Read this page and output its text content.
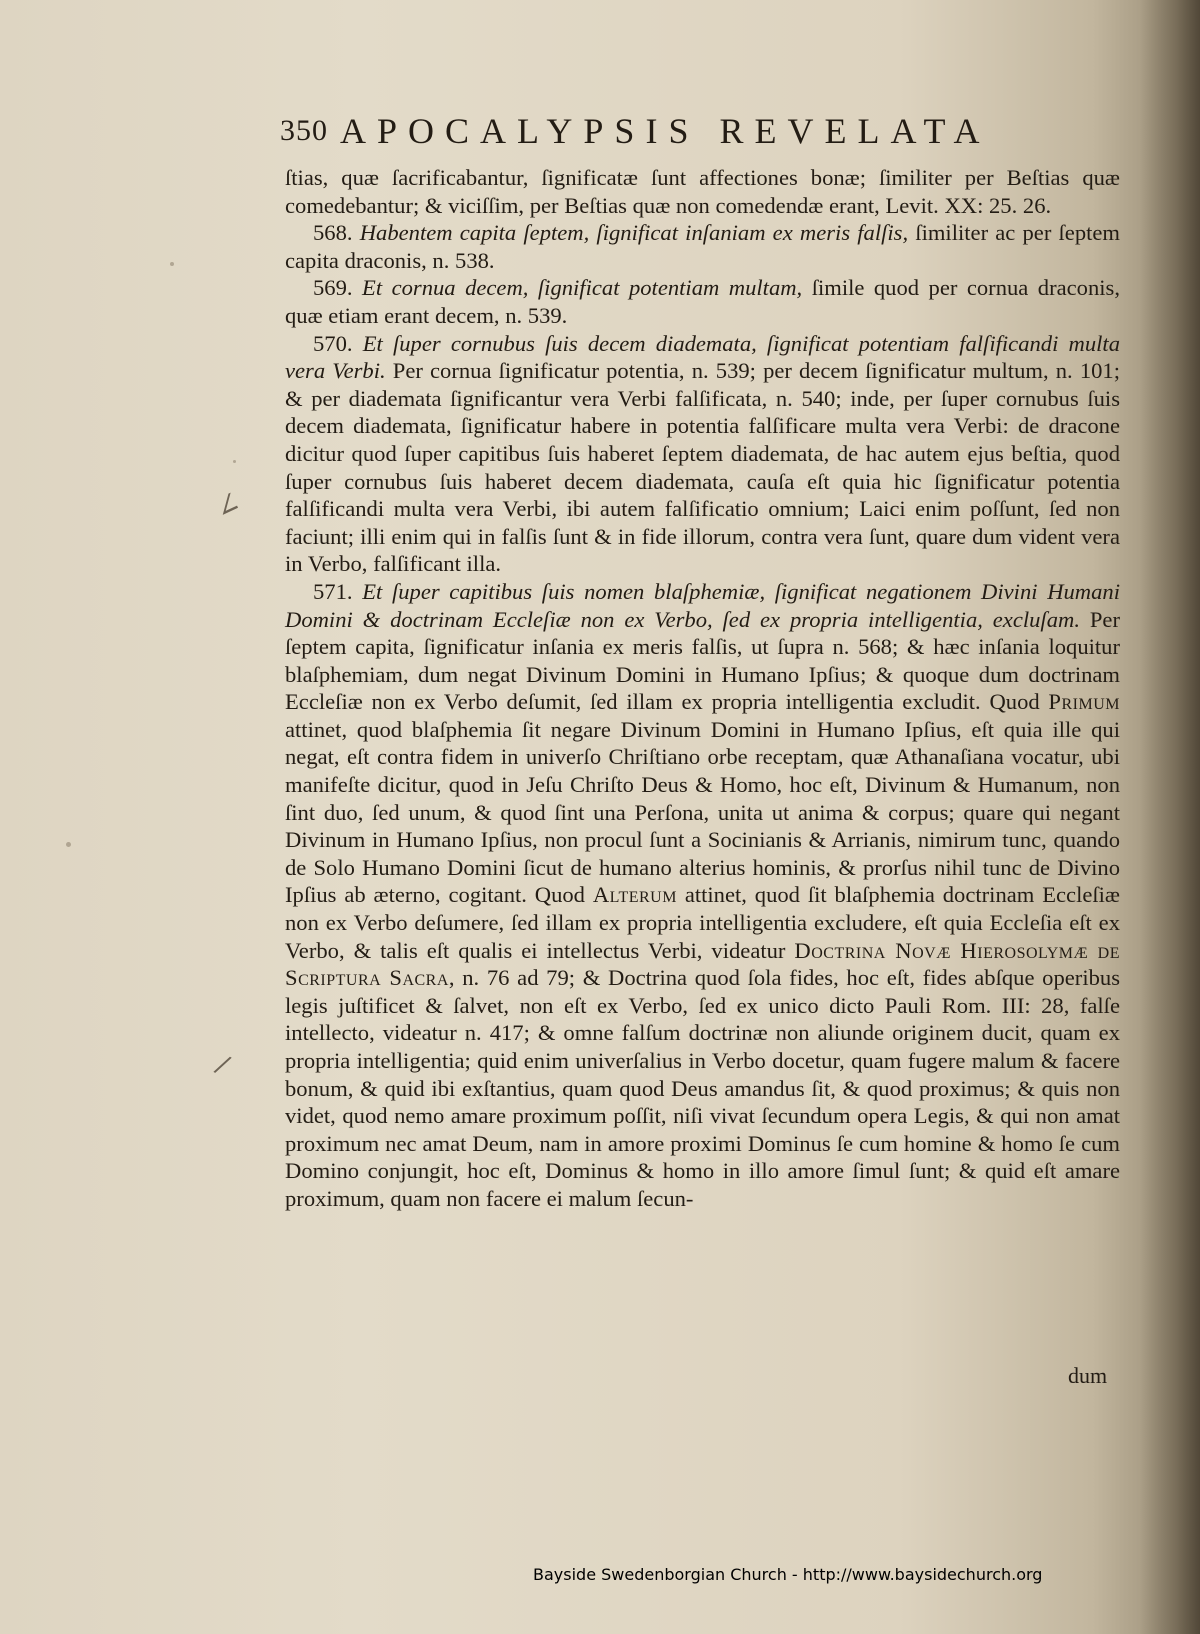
∠
/
350 APOCALYPSIS REVELATA

ſtias, quæ ſacrificabantur, ſignificatæ ſunt affectiones bonæ; ſimiliter per Beſtias quæ comedebantur; & viciſſim, per Beſtias quæ non comedendæ erant, Levit. XX: 25. 26.

568. Habentem capita ſeptem, ſignificat inſaniam ex meris falſis, ſimiliter ac per ſeptem capita draconis, n. 538.

569. Et cornua decem, ſignificat potentiam multam, ſimile quod per cornua draconis, quæ etiam erant decem, n. 539.

570. Et ſuper cornubus ſuis decem diademata, ſignificat potentiam falſificandi multa vera Verbi. Per cornua ſignificatur potentia, n. 539; per decem ſignificatur multum, n. 101; & per diademata ſignificantur vera Verbi falſificata, n. 540; inde, per ſuper cornubus ſuis decem diademata, ſignificatur habere in potentia falſificare multa vera Verbi: de dracone dicitur quod ſuper capitibus ſuis haberet ſeptem diademata, de hac autem ejus beſtia, quod ſuper cornubus ſuis haberet decem diademata, cauſa eſt quia hic ſignificatur potentia falſificandi multa vera Verbi, ibi autem falſificatio omnium; Laici enim poſſunt, ſed non faciunt; illi enim qui in falſis ſunt & in fide illorum, contra vera ſunt, quare dum vident vera in Verbo, falſificant illa.

571. Et ſuper capitibus ſuis nomen blaſphemiæ, ſignificat negationem Divini Humani Domini & doctrinam Eccleſiæ non ex Verbo, ſed ex propria intelligentia, excluſam. Per ſeptem capita, ſignificatur inſania ex meris falſis, ut ſupra n. 568; & hæc inſania loquitur blaſphemiam, dum negat Divinum Domini in Humano Ipſius; & quoque dum doctrinam Eccleſiæ non ex Verbo deſumit, ſed illam ex propria intelligentia excludit. Quod Primum attinet, quod blaſphemia ſit negare Divinum Domini in Humano Ipſius, eſt quia ille qui negat, eſt contra fidem in univerſo Chriſtiano orbe receptam, quæ Athanaſiana vocatur, ubi manifeſte dicitur, quod in Jeſu Chriſto Deus & Homo, hoc eſt, Divinum & Humanum, non ſint duo, ſed unum, & quod ſint una Perſona, unita ut anima & corpus; quare qui negant Divinum in Humano Ipſius, non procul ſunt a Socinianis & Arrianis, nimirum tunc, quando de Solo Humano Domini ſicut de humano alterius hominis, & prorſus nihil tunc de Divino Ipſius ab æterno, cogitant. Quod Alterum attinet, quod ſit blaſphemia doctrinam Eccleſiæ non ex Verbo deſumere, ſed illam ex propria intelligentia excludere, eſt quia Eccleſia eſt ex Verbo, & talis eſt qualis ei intellectus Verbi, videatur Doctrina Novæ Hieroſolymæ de Scriptura Sacra, n. 76 ad 79; & Doctrina quod ſola fides, hoc eſt, fides abſque operibus legis juſtificet & ſalvet, non eſt ex Verbo, ſed ex unico dicto Pauli Rom. III: 28, falſe intellecto, videatur n. 417; & omne falſum doctrinæ non aliunde originem ducit, quam ex propria intelligentia; quid enim univerſalius in Verbo docetur, quam fugere malum & facere bonum, & quid ibi exſtantius, quam quod Deus amandus ſit, & quod proximus; & quis non videt, quod nemo amare proximum poſſit, niſi vivat ſecundum opera Legis, & qui non amat proximum nec amat Deum, nam in amore proximi Dominus ſe cum homine & homo ſe cum Domino conjungit, hoc eſt, Dominus & homo in illo amore ſimul ſunt; & quid eſt amare proximum, quam non facere ei malum ſecun-

dum
Bayside Swedenborgian Church - http://www.baysidechurch.org
